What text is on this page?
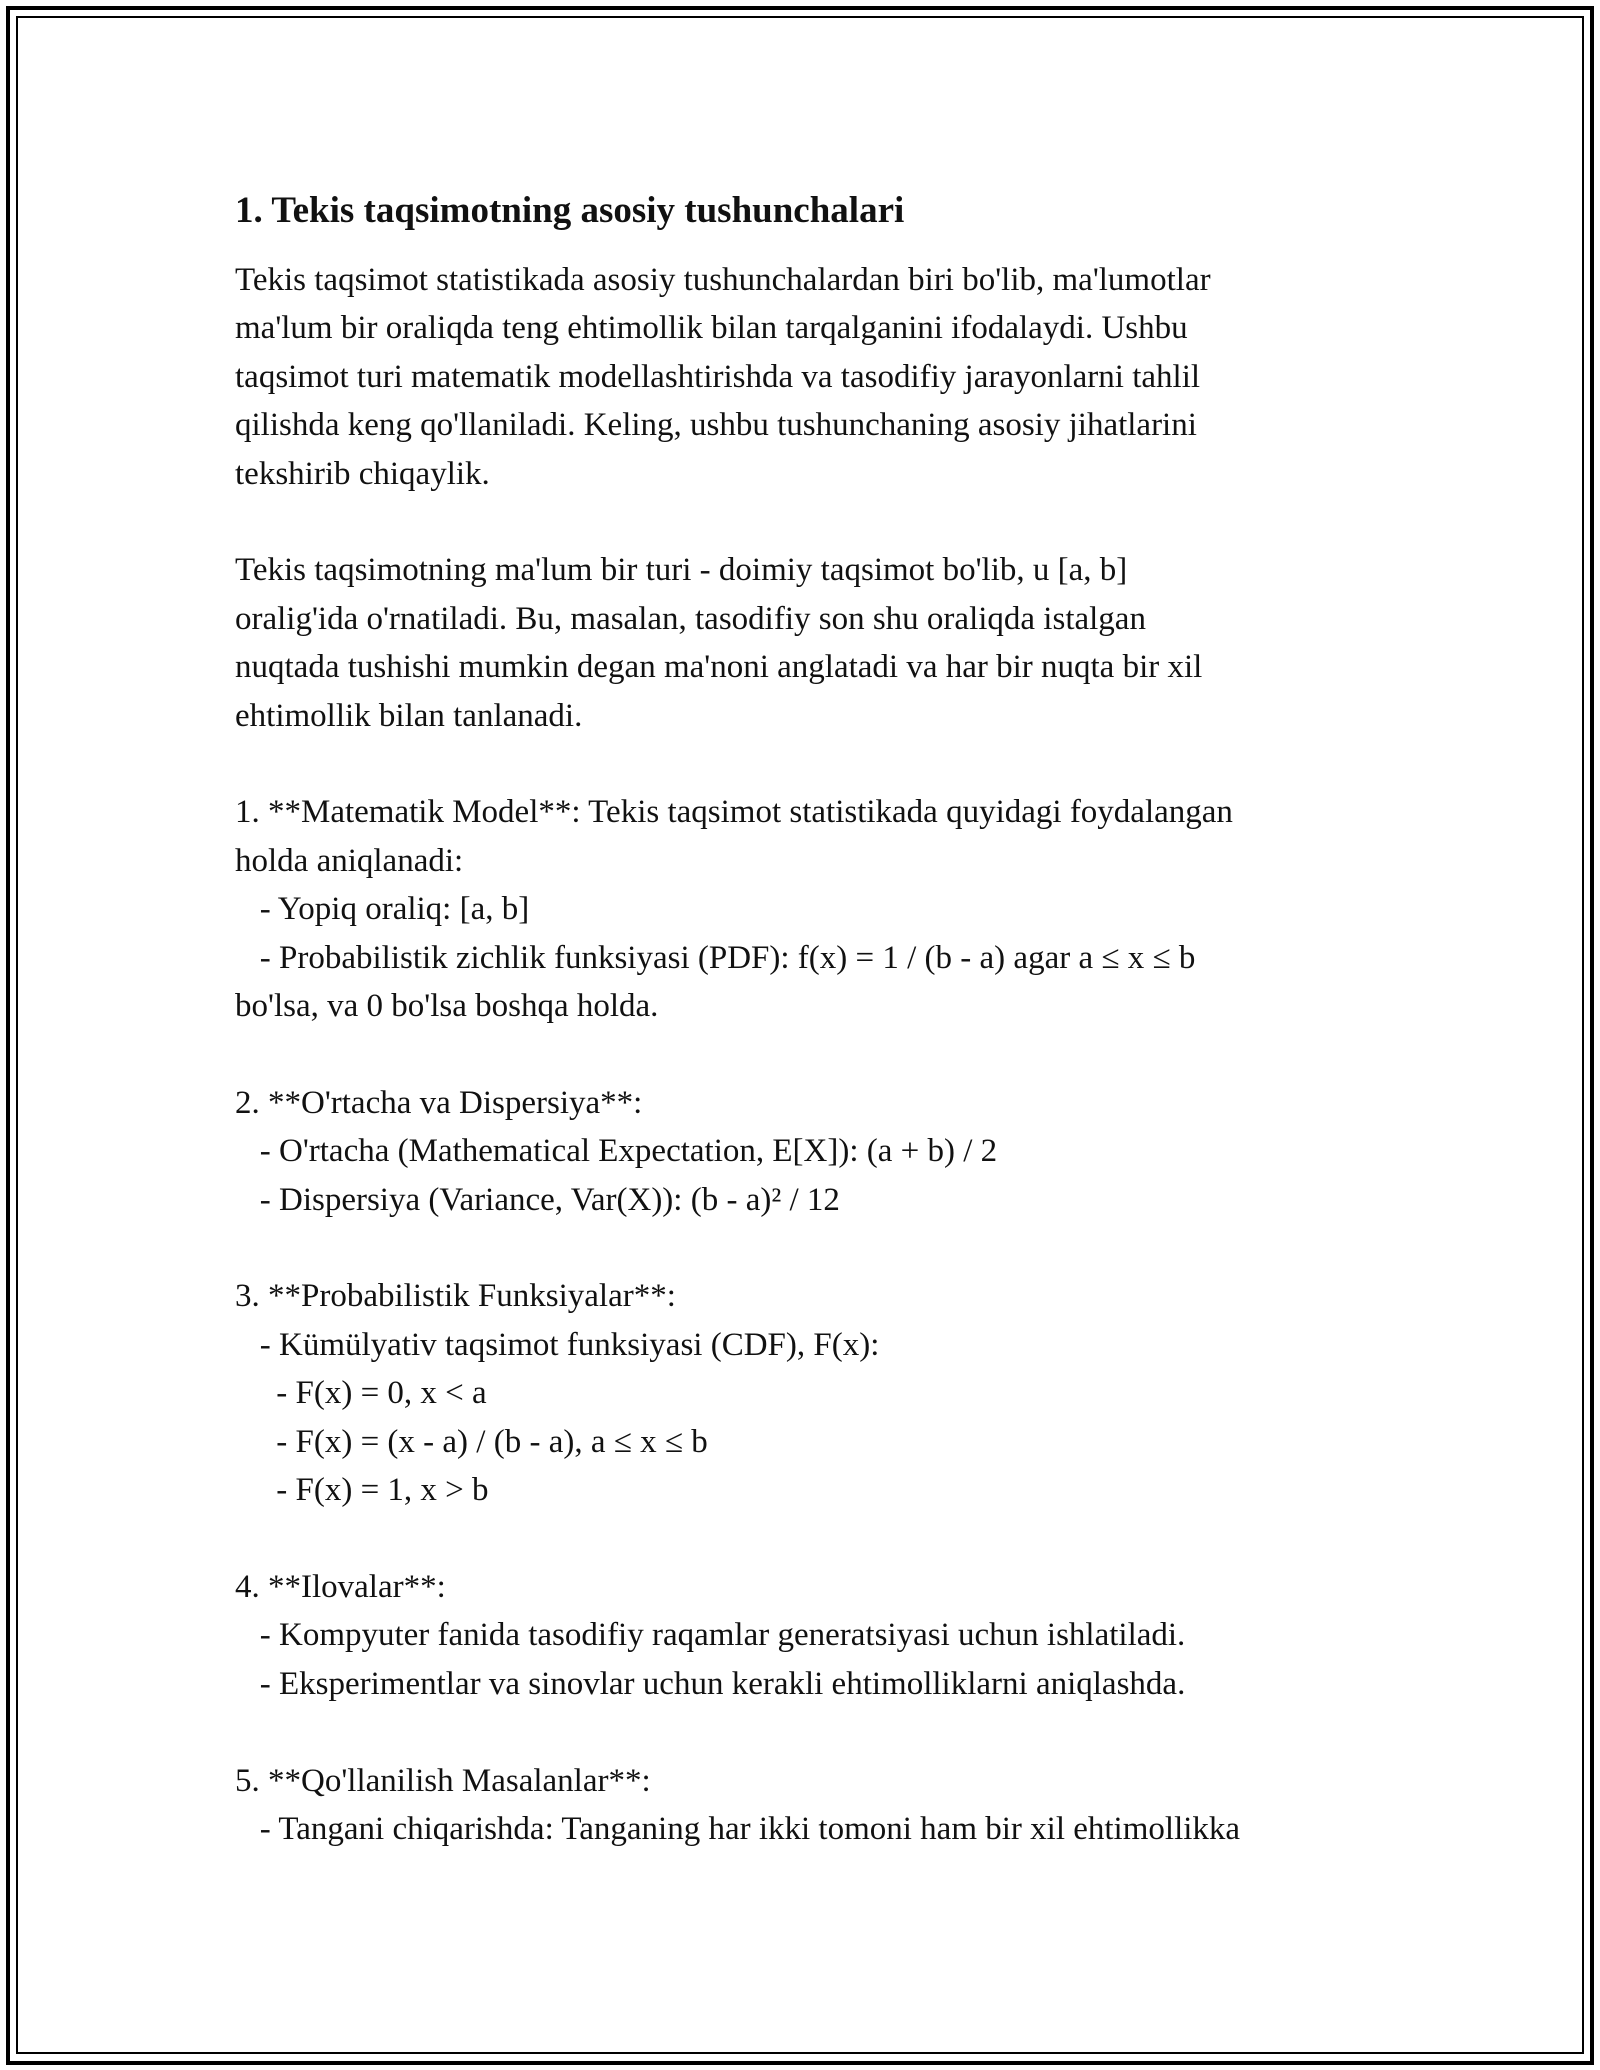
1. Tekis taqsimotning asosiy tushunchalari
Tekis taqsimot statistikada asosiy tushunchalardan biri bo'lib, ma'lumotlar
ma'lum bir oraliqda teng ehtimollik bilan tarqalganini ifodalaydi. Ushbu
taqsimot turi matematik modellashtirishda va tasodifiy jarayonlarni tahlil
qilishda keng qo'llaniladi. Keling, ushbu tushunchaning asosiy jihatlarini
tekshirib chiqaylik.
Tekis taqsimotning ma'lum bir turi - doimiy taqsimot bo'lib, u [a, b]
oralig'ida o'rnatiladi. Bu, masalan, tasodifiy son shu oraliqda istalgan
nuqtada tushishi mumkin degan ma'noni anglatadi va har bir nuqta bir xil
ehtimollik bilan tanlanadi.
1. **Matematik Model**: Tekis taqsimot statistikada quyidagi foydalangan
holda aniqlanadi:
- Yopiq oraliq: [a, b]
- Probabilistik zichlik funksiyasi (PDF): f(x) = 1 / (b - a) agar a ≤ x ≤ b
bo'lsa, va 0 bo'lsa boshqa holda.
2. **O'rtacha va Dispersiya**:
- O'rtacha (Mathematical Expectation, E[X]): (a + b) / 2
- Dispersiya (Variance, Var(X)): (b - a)² / 12
3. **Probabilistik Funksiyalar**:
- Kümülyativ taqsimot funksiyasi (CDF), F(x):
- F(x) = 0, x < a
- F(x) = (x - a) / (b - a), a ≤ x ≤ b
- F(x) = 1, x > b
4. **Ilovalar**:
- Kompyuter fanida tasodifiy raqamlar generatsiyasi uchun ishlatiladi.
- Eksperimentlar va sinovlar uchun kerakli ehtimolliklarni aniqlashda.
5. **Qo'llanilish Masalanlar**:
- Tangani chiqarishda: Tanganing har ikki tomoni ham bir xil ehtimollikka
